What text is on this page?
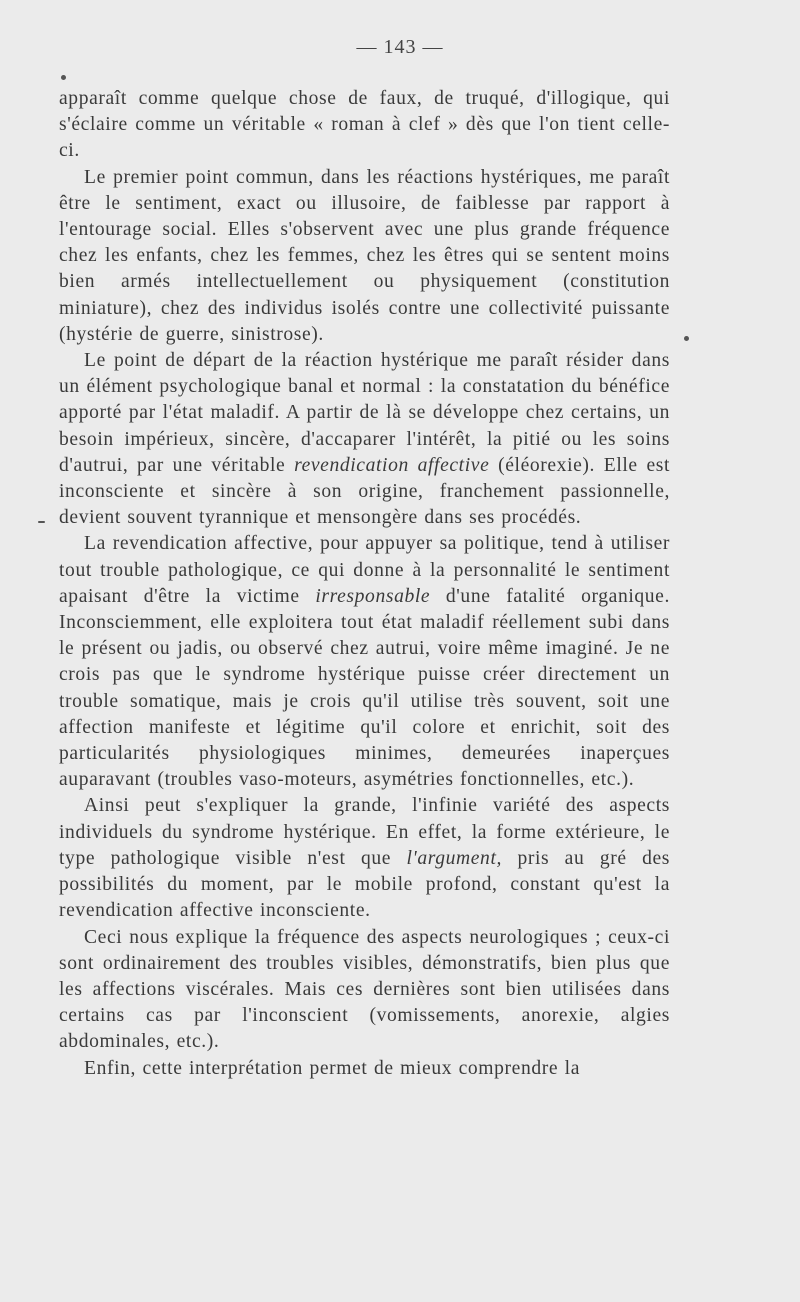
— 143 —

apparaît comme quelque chose de faux, de truqué, d'illogique, qui s'éclaire comme un véritable « roman à clef » dès que l'on tient celle-ci.

Le premier point commun, dans les réactions hystériques, me paraît être le sentiment, exact ou illusoire, de faiblesse par rapport à l'entourage social. Elles s'observent avec une plus grande fréquence chez les enfants, chez les femmes, chez les êtres qui se sentent moins bien armés intellectuellement ou physiquement (constitution miniature), chez des individus isolés contre une collectivité puissante (hystérie de guerre, sinistrose).

Le point de départ de la réaction hystérique me paraît résider dans un élément psychologique banal et normal : la constatation du bénéfice apporté par l'état maladif. A partir de là se développe chez certains, un besoin impérieux, sincère, d'accaparer l'intérêt, la pitié ou les soins d'autrui, par une véritable revendication affective (éléorexie). Elle est inconsciente et sincère à son origine, franchement passionnelle, devient souvent tyrannique et mensongère dans ses procédés.

La revendication affective, pour appuyer sa politique, tend à utiliser tout trouble pathologique, ce qui donne à la personnalité le sentiment apaisant d'être la victime irresponsable d'une fatalité organique. Inconsciemment, elle exploitera tout état maladif réellement subi dans le présent ou jadis, ou observé chez autrui, voire même imaginé. Je ne crois pas que le syndrome hystérique puisse créer directement un trouble somatique, mais je crois qu'il utilise très souvent, soit une affection manifeste et légitime qu'il colore et enrichit, soit des particularités physiologiques minimes, demeurées inaperçues auparavant (troubles vaso-moteurs, asymétries fonctionnelles, etc.).

Ainsi peut s'expliquer la grande, l'infinie variété des aspects individuels du syndrome hystérique. En effet, la forme extérieure, le type pathologique visible n'est que l'argument, pris au gré des possibilités du moment, par le mobile profond, constant qu'est la revendication affective inconsciente.

Ceci nous explique la fréquence des aspects neurologiques ; ceux-ci sont ordinairement des troubles visibles, démonstratifs, bien plus que les affections viscérales. Mais ces dernières sont bien utilisées dans certains cas par l'inconscient (vomissements, anorexie, algies abdominales, etc.).

Enfin, cette interprétation permet de mieux comprendre la
